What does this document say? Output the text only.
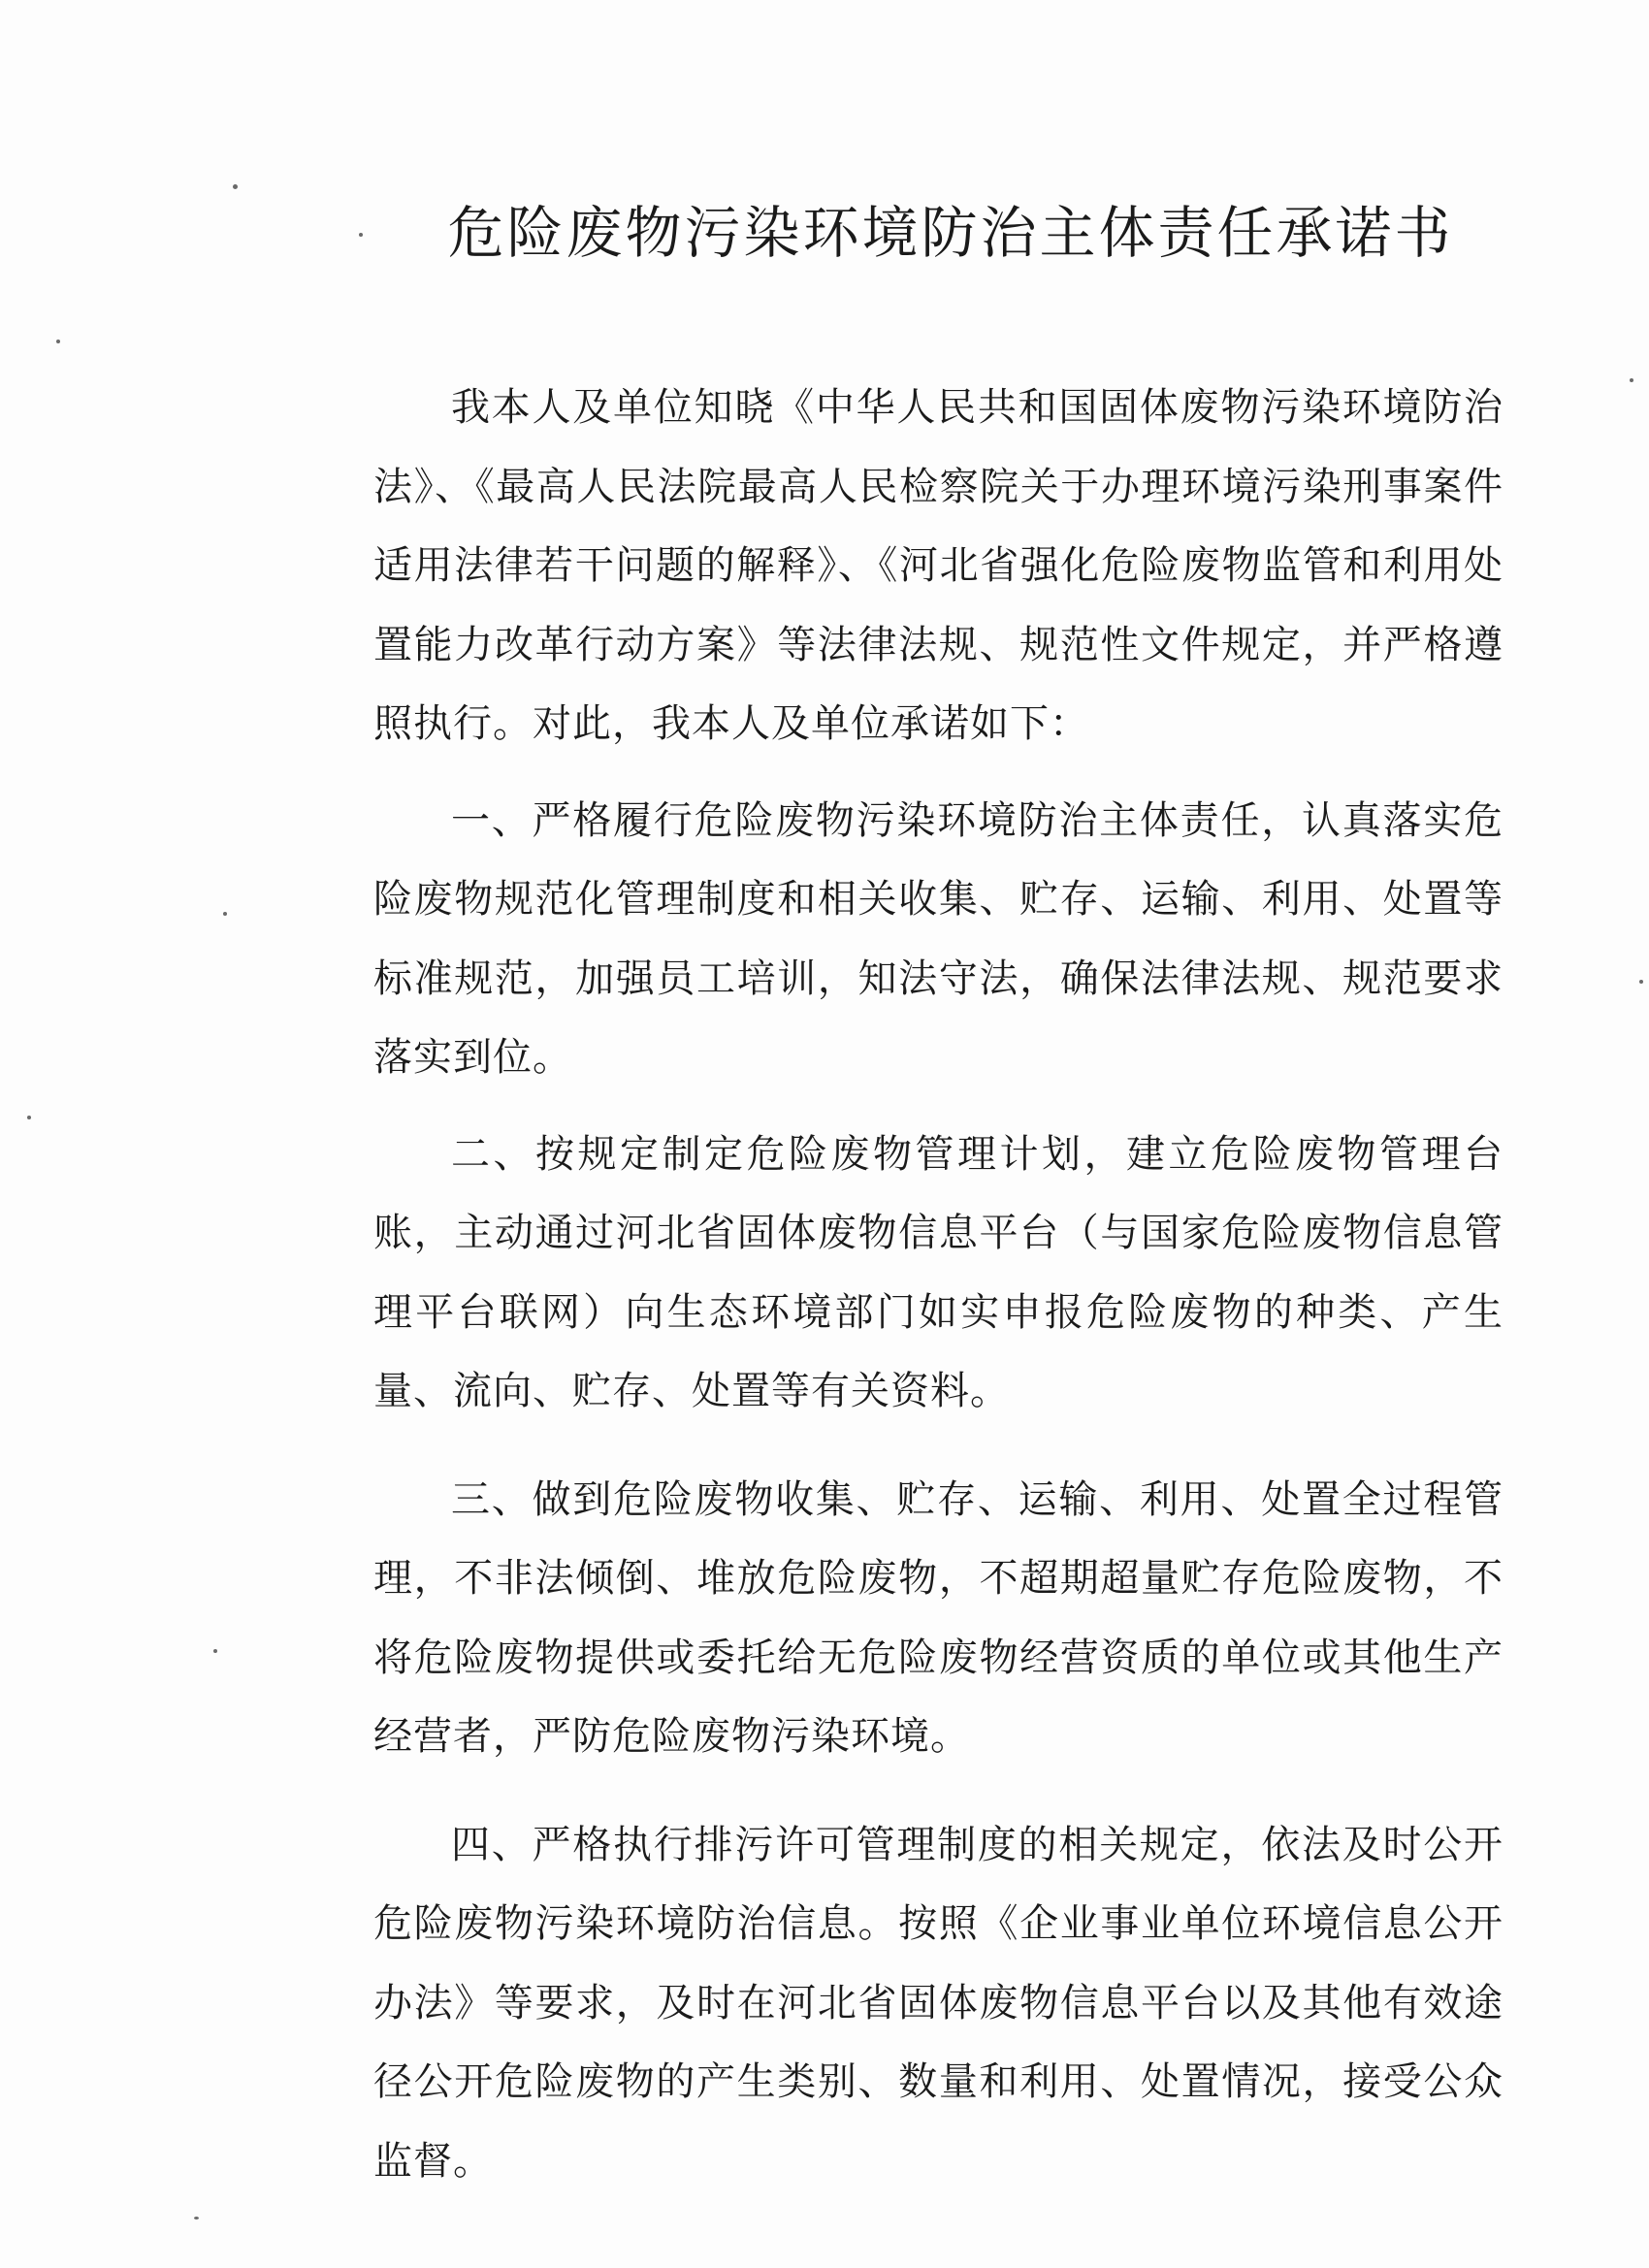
危险废物污染环境防治主体责任承诺书

我本人及单位知晓《中华人民共和国固体废物污染环境防治法》、《最高人民法院最高人民检察院关于办理环境污染刑事案件适用法律若干问题的解释》、《河北省强化危险废物监管和利用处置能力改革行动方案》等法律法规、规范性文件规定，并严格遵照执行。对此，我本人及单位承诺如下：

一、严格履行危险废物污染环境防治主体责任，认真落实危险废物规范化管理制度和相关收集、贮存、运输、利用、处置等标准规范，加强员工培训，知法守法，确保法律法规、规范要求落实到位。

二、按规定制定危险废物管理计划，建立危险废物管理台账，主动通过河北省固体废物信息平台（与国家危险废物信息管理平台联网）向生态环境部门如实申报危险废物的种类、产生量、流向、贮存、处置等有关资料。

三、做到危险废物收集、贮存、运输、利用、处置全过程管理，不非法倾倒、堆放危险废物，不超期超量贮存危险废物，不将危险废物提供或委托给无危险废物经营资质的单位或其他生产经营者，严防危险废物污染环境。

四、严格执行排污许可管理制度的相关规定，依法及时公开危险废物污染环境防治信息。按照《企业事业单位环境信息公开办法》等要求，及时在河北省固体废物信息平台以及其他有效途径公开危险废物的产生类别、数量和利用、处置情况，接受公众监督。
